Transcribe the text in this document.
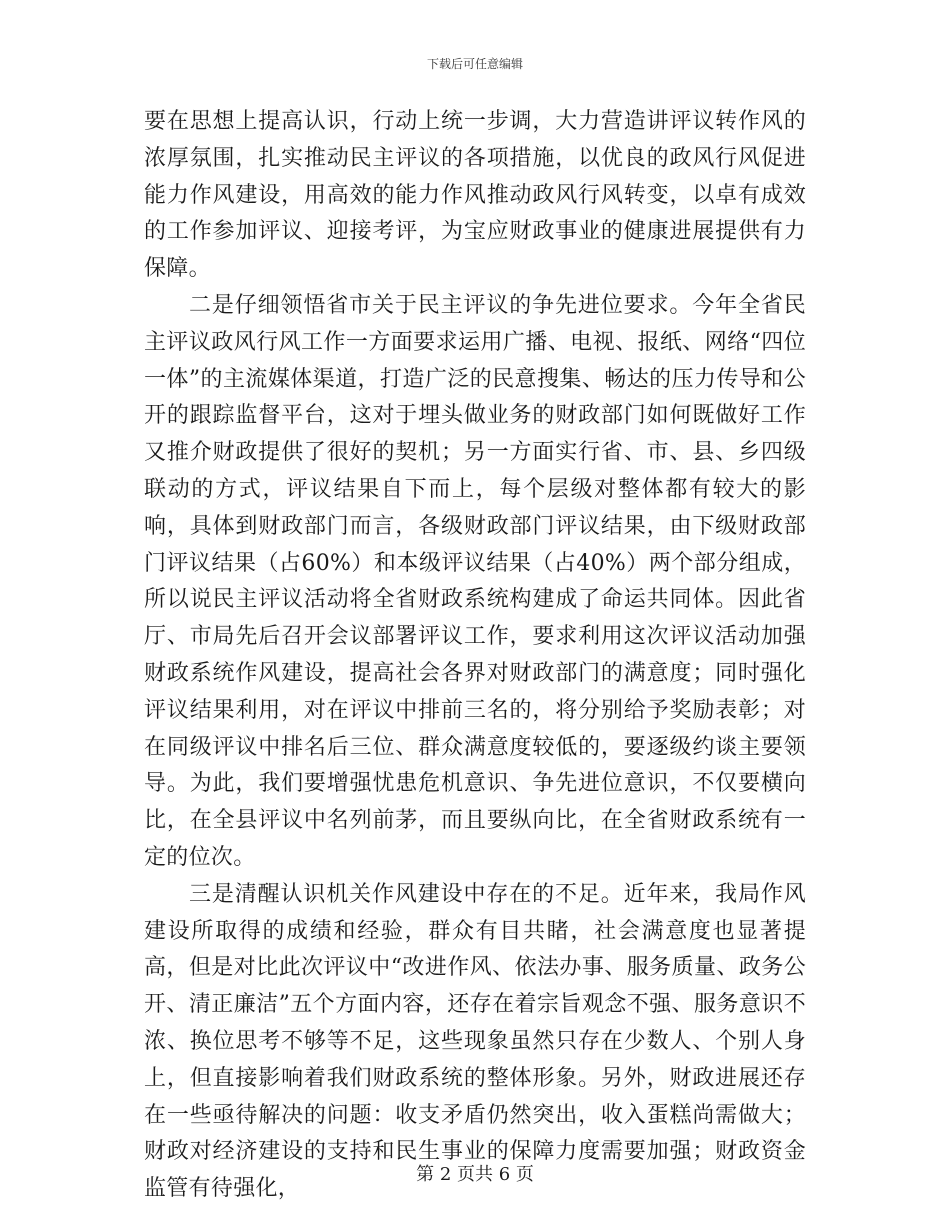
下载后可任意编辑

要在思想上提高认识，行动上统一步调，大力营造讲评议转作风的浓厚氛围，扎实推动民主评议的各项措施，以优良的政风行风促进能力作风建设，用高效的能力作风推动政风行风转变，以卓有成效的工作参加评议、迎接考评，为宝应财政事业的健康进展提供有力保障。

二是仔细领悟省市关于民主评议的争先进位要求。今年全省民主评议政风行风工作一方面要求运用广播、电视、报纸、网络“四位一体”的主流媒体渠道，打造广泛的民意搜集、畅达的压力传导和公开的跟踪监督平台，这对于埋头做业务的财政部门如何既做好工作又推介财政提供了很好的契机；另一方面实行省、市、县、乡四级联动的方式，评议结果自下而上，每个层级对整体都有较大的影响，具体到财政部门而言，各级财政部门评议结果，由下级财政部门评议结果（占60%）和本级评议结果（占40%）两个部分组成，所以说民主评议活动将全省财政系统构建成了命运共同体。因此省厅、市局先后召开会议部署评议工作，要求利用这次评议活动加强财政系统作风建设，提高社会各界对财政部门的满意度；同时强化评议结果利用，对在评议中排前三名的，将分别给予奖励表彰；对在同级评议中排名后三位、群众满意度较低的，要逐级约谈主要领导。为此，我们要增强忧患危机意识、争先进位意识，不仅要横向比，在全县评议中名列前茅，而且要纵向比，在全省财政系统有一定的位次。

三是清醒认识机关作风建设中存在的不足。近年来，我局作风建设所取得的成绩和经验，群众有目共睹，社会满意度也显著提高，但是对比此次评议中“改进作风、依法办事、服务质量、政务公开、清正廉洁”五个方面内容，还存在着宗旨观念不强、服务意识不浓、换位思考不够等不足，这些现象虽然只存在少数人、个别人身上，但直接影响着我们财政系统的整体形象。另外，财政进展还存在一些亟待解决的问题：收支矛盾仍然突出，收入蛋糕尚需做大；财政对经济建设的支持和民生事业的保障力度需要加强；财政资金监管有待强化，

第 2 页共 6 页
